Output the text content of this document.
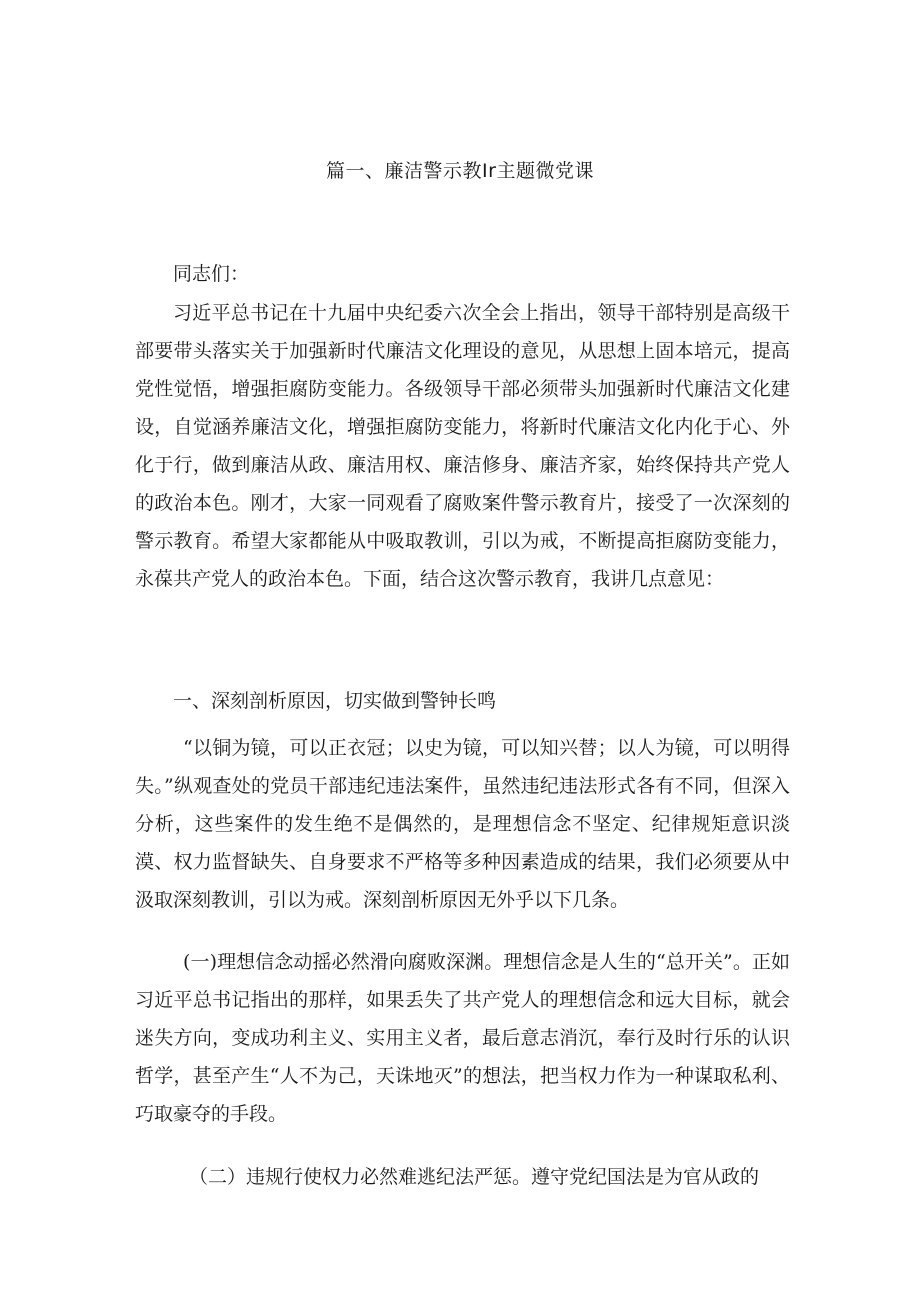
篇一、廉洁警示教Ir主题微党课

同志们：

习近平总书记在十九届中央纪委六次全会上指出，领导干部特别是高级干部要带头落实关于加强新时代廉洁文化理设的意见，从思想上固本培元，提高党性觉悟，增强拒腐防变能力。各级领导干部必须带头加强新时代廉洁文化建设，自觉涵养廉洁文化，增强拒腐防变能力，将新时代廉洁文化内化于心、外化于行，做到廉洁从政、廉洁用权、廉洁修身、廉洁齐家，始终保持共产党人的政治本色。刚才，大家一同观看了腐败案件警示教育片，接受了一次深刻的警示教育。希望大家都能从中吸取教训，引以为戒，不断提高拒腐防变能力，永葆共产党人的政治本色。下面，结合这次警示教育，我讲几点意见：

一、深刻剖析原因，切实做到警钟长鸣

“以铜为镜，可以正衣冠；以史为镜，可以知兴替；以人为镜，可以明得失。”纵观查处的党员干部违纪违法案件，虽然违纪违法形式各有不同，但深入分析，这些案件的发生绝不是偶然的，是理想信念不坚定、纪律规矩意识淡漠、权力监督缺失、自身要求不严格等多种因素造成的结果，我们必须要从中汲取深刻教训，引以为戒。深刻剖析原因无外乎以下几条。

(一)理想信念动摇必然滑向腐败深渊。理想信念是人生的“总开关”。正如习近平总书记指出的那样，如果丢失了共产党人的理想信念和远大目标，就会迷失方向，变成功利主义、实用主义者，最后意志消沉，奉行及时行乐的认识哲学，甚至产生“人不为己，天诛地灭”的想法，把当权力作为一种谋取私利、巧取豪夺的手段。

（二）违规行使权力必然难逃纪法严惩。遵守党纪国法是为官从政的
